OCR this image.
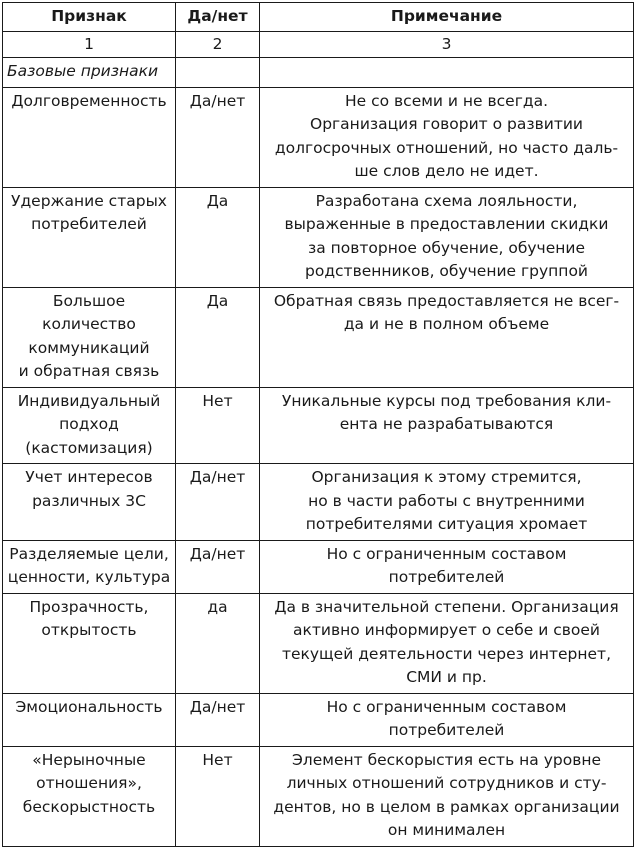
Признак	Да/нет	Примечание
1	2	3
Базовые признаки		

Долговременность	Да/нет	Не со всеми и не всегда.
Организация говорит о развитии
долгосрочных отношений, но часто даль-
ше слов дело не идет.

Удержание старых
потребителей	Да	Разработана схема лояльности,
выраженные в предоставлении скидки
за повторное обучение, обучение
родственников, обучение группой

Большое
количество
коммуникаций
и обратная связь	Да	Обратная связь предоставляется не всег-
да и не в полном объеме

Индивидуальный
подход
(кастомизация)	Нет	Уникальные курсы под требования кли-
ента не разрабатываются

Учет интересов
различных 3С	Да/нет	Организация к этому стремится,
но в части работы с внутренними
потребителями ситуация хромает

Разделяемые цели,
ценности, культура	Да/нет	Но с ограниченным составом
потребителей

Прозрачность,
открытость	да	Да в значительной степени. Организация
активно информирует о себе и своей
текущей деятельности через интернет,
СМИ и пр.

Эмоциональность	Да/нет	Но с ограниченным составом
потребителей

«Нерыночные
отношения»,
бескорыстность	Нет	Элемент бескорыстия есть на уровне
личных отношений сотрудников и сту-
дентов, но в целом в рамках организации
он минимален
